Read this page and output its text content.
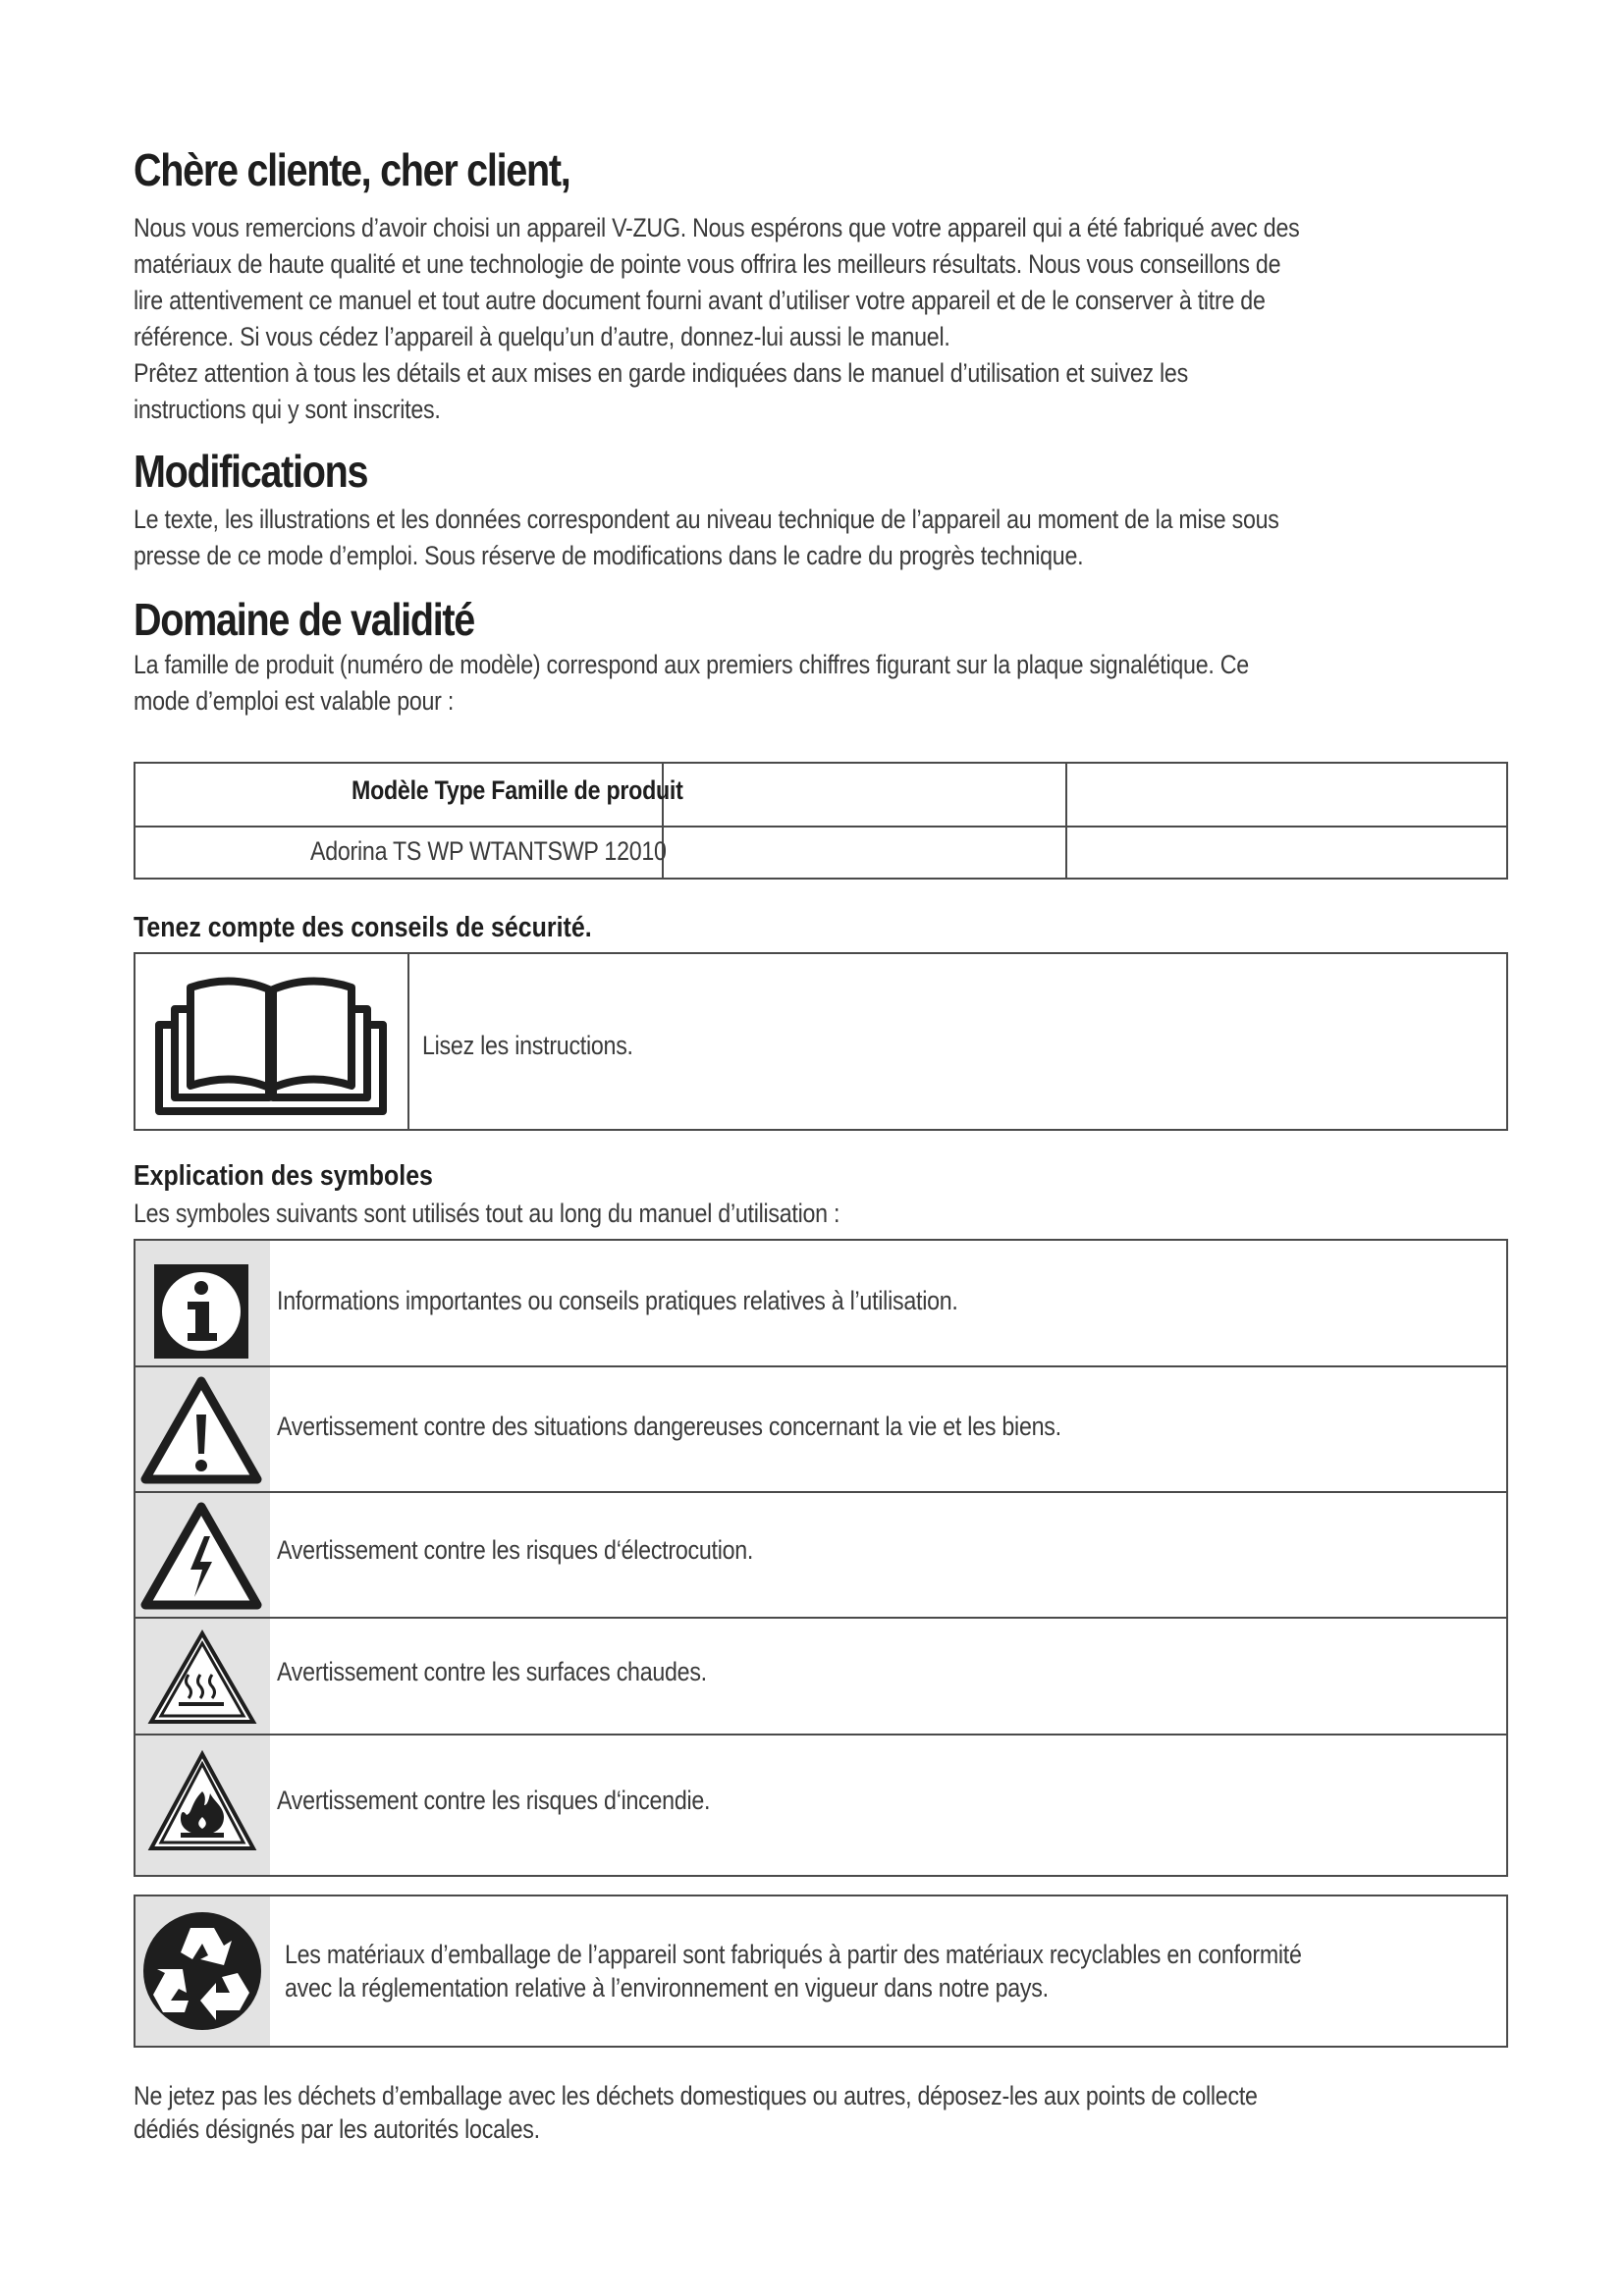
Chère cliente, cher client,
Nous vous remercions d’avoir choisi un appareil V-ZUG. Nous espérons que votre appareil qui a été fabriqué avec des
matériaux de haute qualité et une technologie de pointe vous offrira les meilleurs résultats. Nous vous conseillons de
lire attentivement ce manuel et tout autre document fourni avant d’utiliser votre appareil et de le conserver à titre de
référence. Si vous cédez l’appareil à quelqu’un d’autre, donnez-lui aussi le manuel.
Prêtez attention à tous les détails et aux mises en garde indiquées dans le manuel d’utilisation et suivez les
instructions qui y sont inscrites.
Modifications
Le texte, les illustrations et les données correspondent au niveau technique de l’appareil au moment de la mise sous
presse de ce mode d’emploi. Sous réserve de modifications dans le cadre du progrès technique.
Domaine de validité
La famille de produit (numéro de modèle) correspond aux premiers chiffres figurant sur la plaque signalétique. Ce
mode d’emploi est valable pour :
Modèle Type Famille de produit
Adorina TS WP WTANTSWP 12010
Tenez compte des conseils de sécurité.
Lisez les instructions.
Explication des symboles
Les symboles suivants sont utilisés tout au long du manuel d’utilisation :
Informations importantes ou conseils pratiques relatives à l’utilisation.
Avertissement contre des situations dangereuses concernant la vie et les biens.
Avertissement contre les risques d‘électrocution.
Avertissement contre les surfaces chaudes.
Avertissement contre les risques d‘incendie.
Les matériaux d’emballage de l’appareil sont fabriqués à partir des matériaux recyclables en conformité
avec la réglementation relative à l’environnement en vigueur dans notre pays.
Ne jetez pas les déchets d’emballage avec les déchets domestiques ou autres, déposez-les aux points de collecte
dédiés désignés par les autorités locales.
